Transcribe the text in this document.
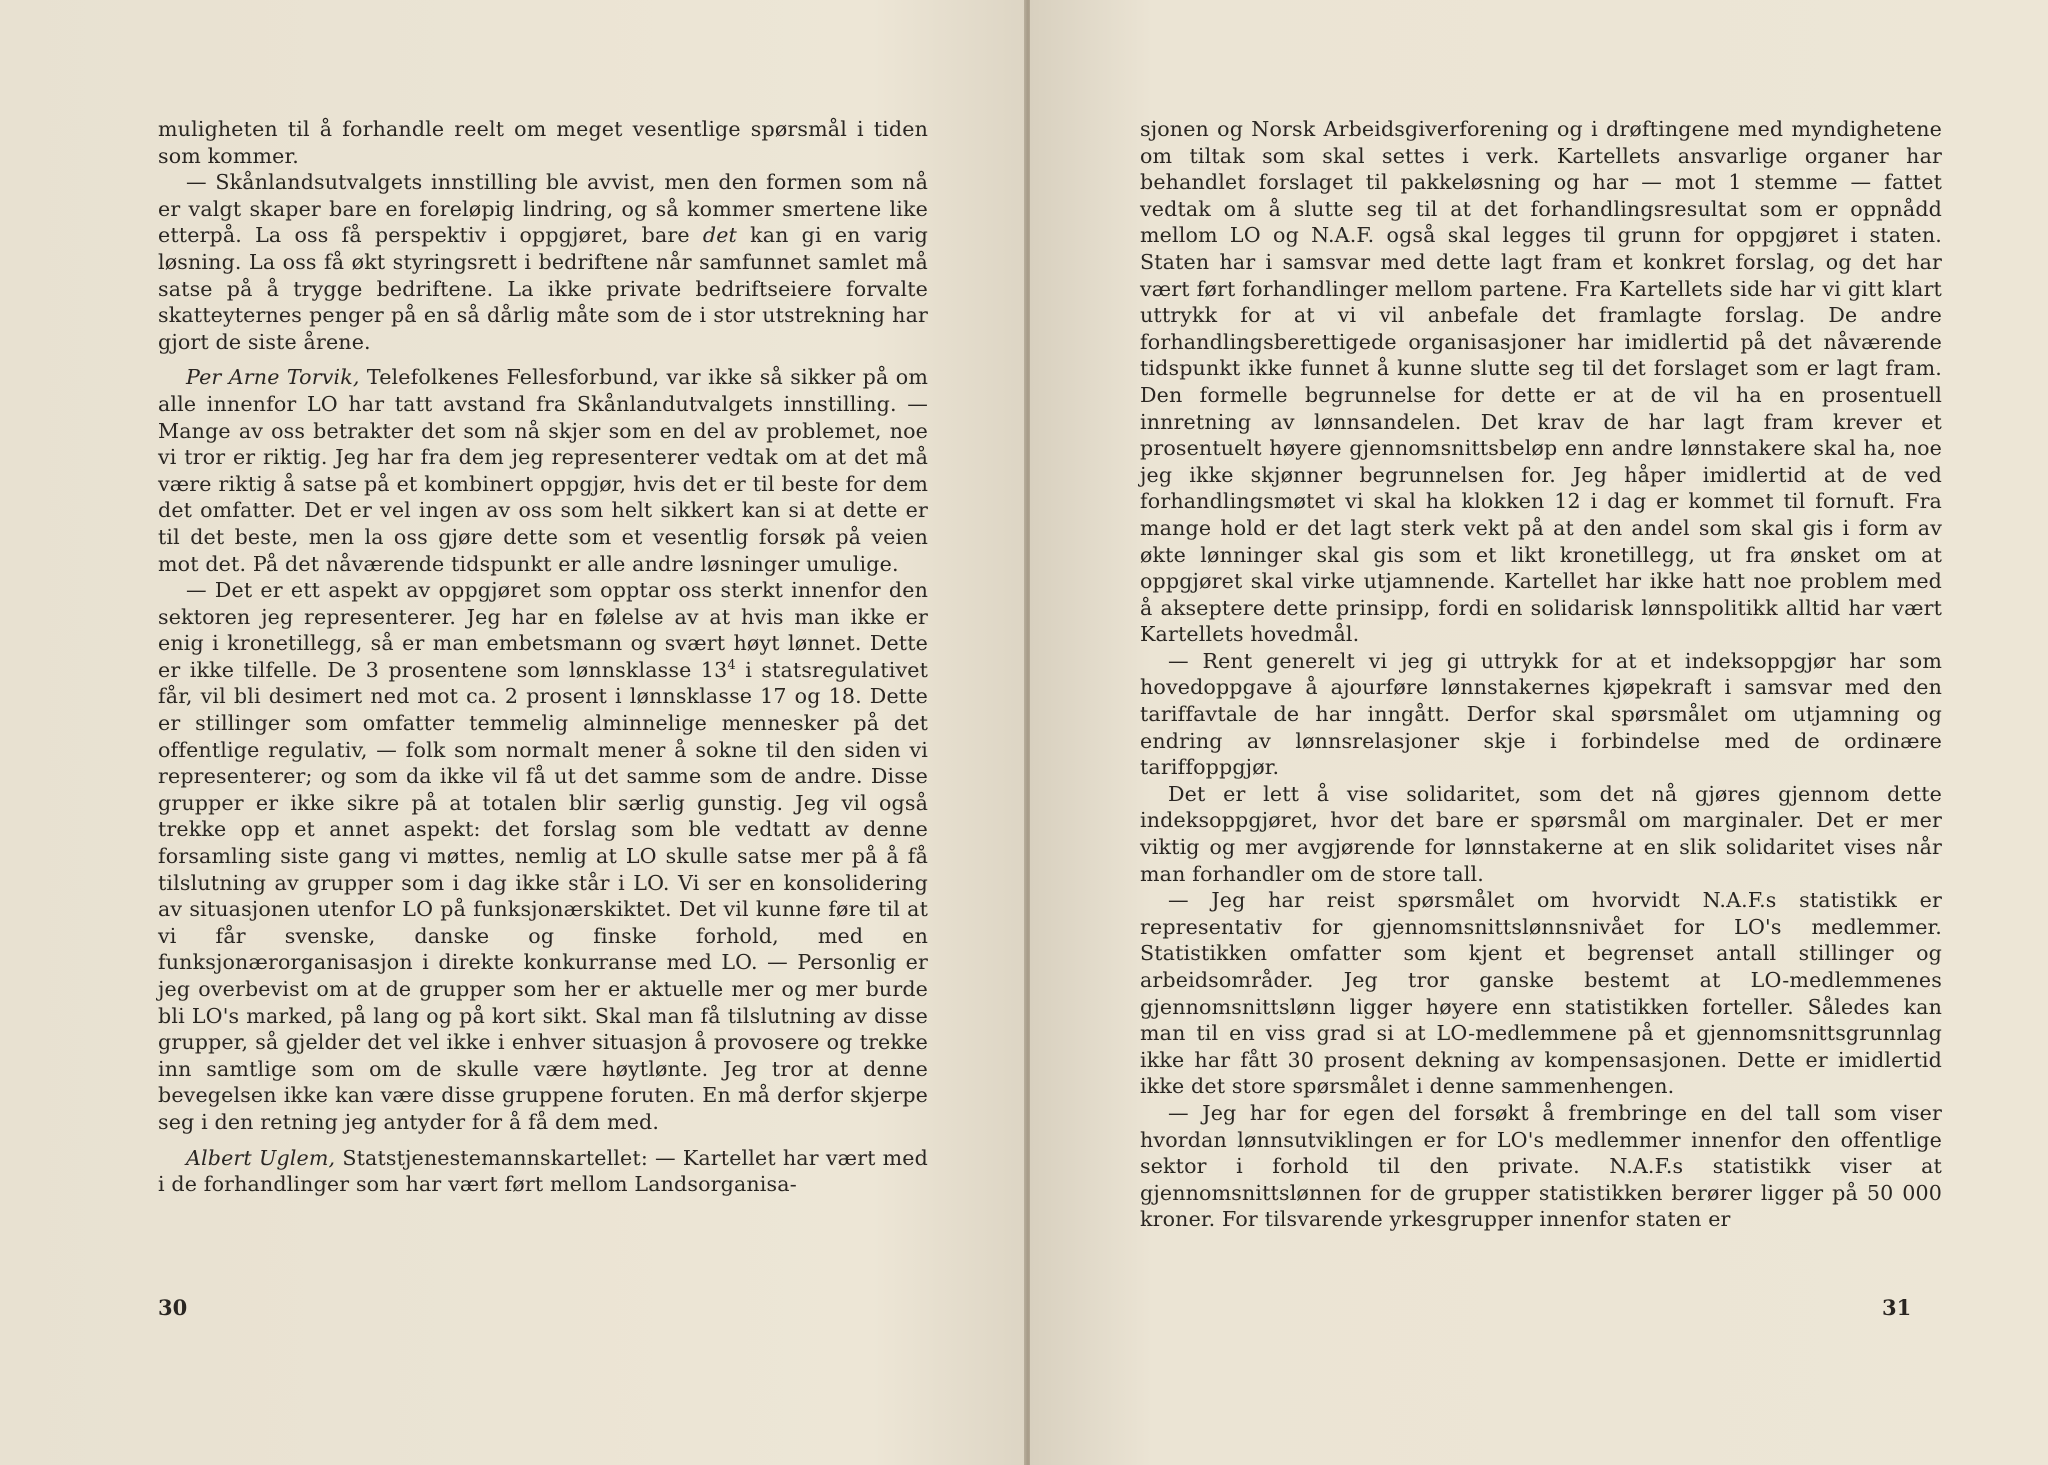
muligheten til å forhandle reelt om meget vesentlige spørsmål i tiden som kommer.

— Skånlandsutvalgets innstilling ble avvist, men den formen som nå er valgt skaper bare en foreløpig lindring, og så kommer smertene like etterpå. La oss få perspektiv i oppgjøret, bare det kan gi en varig løsning. La oss få økt styringsrett i bedriftene når samfunnet samlet må satse på å trygge bedriftene. La ikke private bedriftseiere forvalte skatteyternes penger på en så dårlig måte som de i stor utstrekning har gjort de siste årene.

Per Arne Torvik, Telefolkenes Fellesforbund, var ikke så sikker på om alle innenfor LO har tatt avstand fra Skånlandutvalgets innstilling. — Mange av oss betrakter det som nå skjer som en del av problemet, noe vi tror er riktig. Jeg har fra dem jeg representerer vedtak om at det må være riktig å satse på et kombinert oppgjør, hvis det er til beste for dem det omfatter. Det er vel ingen av oss som helt sikkert kan si at dette er til det beste, men la oss gjøre dette som et vesentlig forsøk på veien mot det. På det nåværende tidspunkt er alle andre løsninger umulige.

— Det er ett aspekt av oppgjøret som opptar oss sterkt innenfor den sektoren jeg representerer. Jeg har en følelse av at hvis man ikke er enig i kronetillegg, så er man embetsmann og svært høyt lønnet. Dette er ikke tilfelle. De 3 prosentene som lønnsklasse $13^4$ i statsregulativet får, vil bli desimert ned mot ca. 2 prosent i lønnsklasse 17 og 18. Dette er stillinger som omfatter temmelig alminnelige mennesker på det offentlige regulativ, — folk som normalt mener å sokne til den siden vi representerer; og som da ikke vil få ut det samme som de andre. Disse grupper er ikke sikre på at totalen blir særlig gunstig. Jeg vil også trekke opp et annet aspekt: det forslag som ble vedtatt av denne forsamling siste gang vi møttes, nemlig at LO skulle satse mer på å få tilslutning av grupper som i dag ikke står i LO. Vi ser en konsolidering av situasjonen utenfor LO på funksjonærskiktet. Det vil kunne føre til at vi får svenske, danske og finske forhold, med en funksjonærorganisasjon i direkte konkurranse med LO. — Personlig er jeg overbevist om at de grupper som her er aktuelle mer og mer burde bli LO's marked, på lang og på kort sikt. Skal man få tilslutning av disse grupper, så gjelder det vel ikke i enhver situasjon å provosere og trekke inn samtlige som om de skulle være høytlønte. Jeg tror at denne bevegelsen ikke kan være disse gruppene foruten. En må derfor skjerpe seg i den retning jeg antyder for å få dem med.

Albert Uglem, Statstjenestemannskartellet: — Kartellet har vært med i de forhandlinger som har vært ført mellom Landsorganisa-

30

sjonen og Norsk Arbeidsgiverforening og i drøftingene med myndighetene om tiltak som skal settes i verk. Kartellets ansvarlige organer har behandlet forslaget til pakkeløsning og har — mot 1 stemme — fattet vedtak om å slutte seg til at det forhandlingsresultat som er oppnådd mellom LO og N.A.F. også skal legges til grunn for oppgjøret i staten. Staten har i samsvar med dette lagt fram et konkret forslag, og det har vært ført forhandlinger mellom partene. Fra Kartellets side har vi gitt klart uttrykk for at vi vil anbefale det framlagte forslag. De andre forhandlingsberettigede organisasjoner har imidlertid på det nåværende tidspunkt ikke funnet å kunne slutte seg til det forslaget som er lagt fram. Den formelle begrunnelse for dette er at de vil ha en prosentuell innretning av lønnsandelen. Det krav de har lagt fram krever et prosentuelt høyere gjennomsnittsbeløp enn andre lønnstakere skal ha, noe jeg ikke skjønner begrunnelsen for. Jeg håper imidlertid at de ved forhandlingsmøtet vi skal ha klokken 12 i dag er kommet til fornuft. Fra mange hold er det lagt sterk vekt på at den andel som skal gis i form av økte lønninger skal gis som et likt kronetillegg, ut fra ønsket om at oppgjøret skal virke utjamnende. Kartellet har ikke hatt noe problem med å akseptere dette prinsipp, fordi en solidarisk lønnspolitikk alltid har vært Kartellets hovedmål.

— Rent generelt vi jeg gi uttrykk for at et indeksoppgjør har som hovedoppgave å ajourføre lønnstakernes kjøpekraft i samsvar med den tariffavtale de har inngått. Derfor skal spørsmålet om utjamning og endring av lønnsrelasjoner skje i forbindelse med de ordinære tariffoppgjør.

Det er lett å vise solidaritet, som det nå gjøres gjennom dette indeksoppgjøret, hvor det bare er spørsmål om marginaler. Det er mer viktig og mer avgjørende for lønnstakerne at en slik solidaritet vises når man forhandler om de store tall.

— Jeg har reist spørsmålet om hvorvidt N.A.F.s statistikk er representativ for gjennomsnittslønnsnivået for LO's medlemmer. Statistikken omfatter som kjent et begrenset antall stillinger og arbeidsområder. Jeg tror ganske bestemt at LO-medlemmenes gjennomsnittslønn ligger høyere enn statistikken forteller. Således kan man til en viss grad si at LO-medlemmene på et gjennomsnittsgrunnlag ikke har fått 30 prosent dekning av kompensasjonen. Dette er imidlertid ikke det store spørsmålet i denne sammenhengen.

— Jeg har for egen del forsøkt å frembringe en del tall som viser hvordan lønnsutviklingen er for LO's medlemmer innenfor den offentlige sektor i forhold til den private. N.A.F.s statistikk viser at gjennomsnittslønnen for de grupper statistikken berører ligger på 50 000 kroner. For tilsvarende yrkesgrupper innenfor staten er

31
